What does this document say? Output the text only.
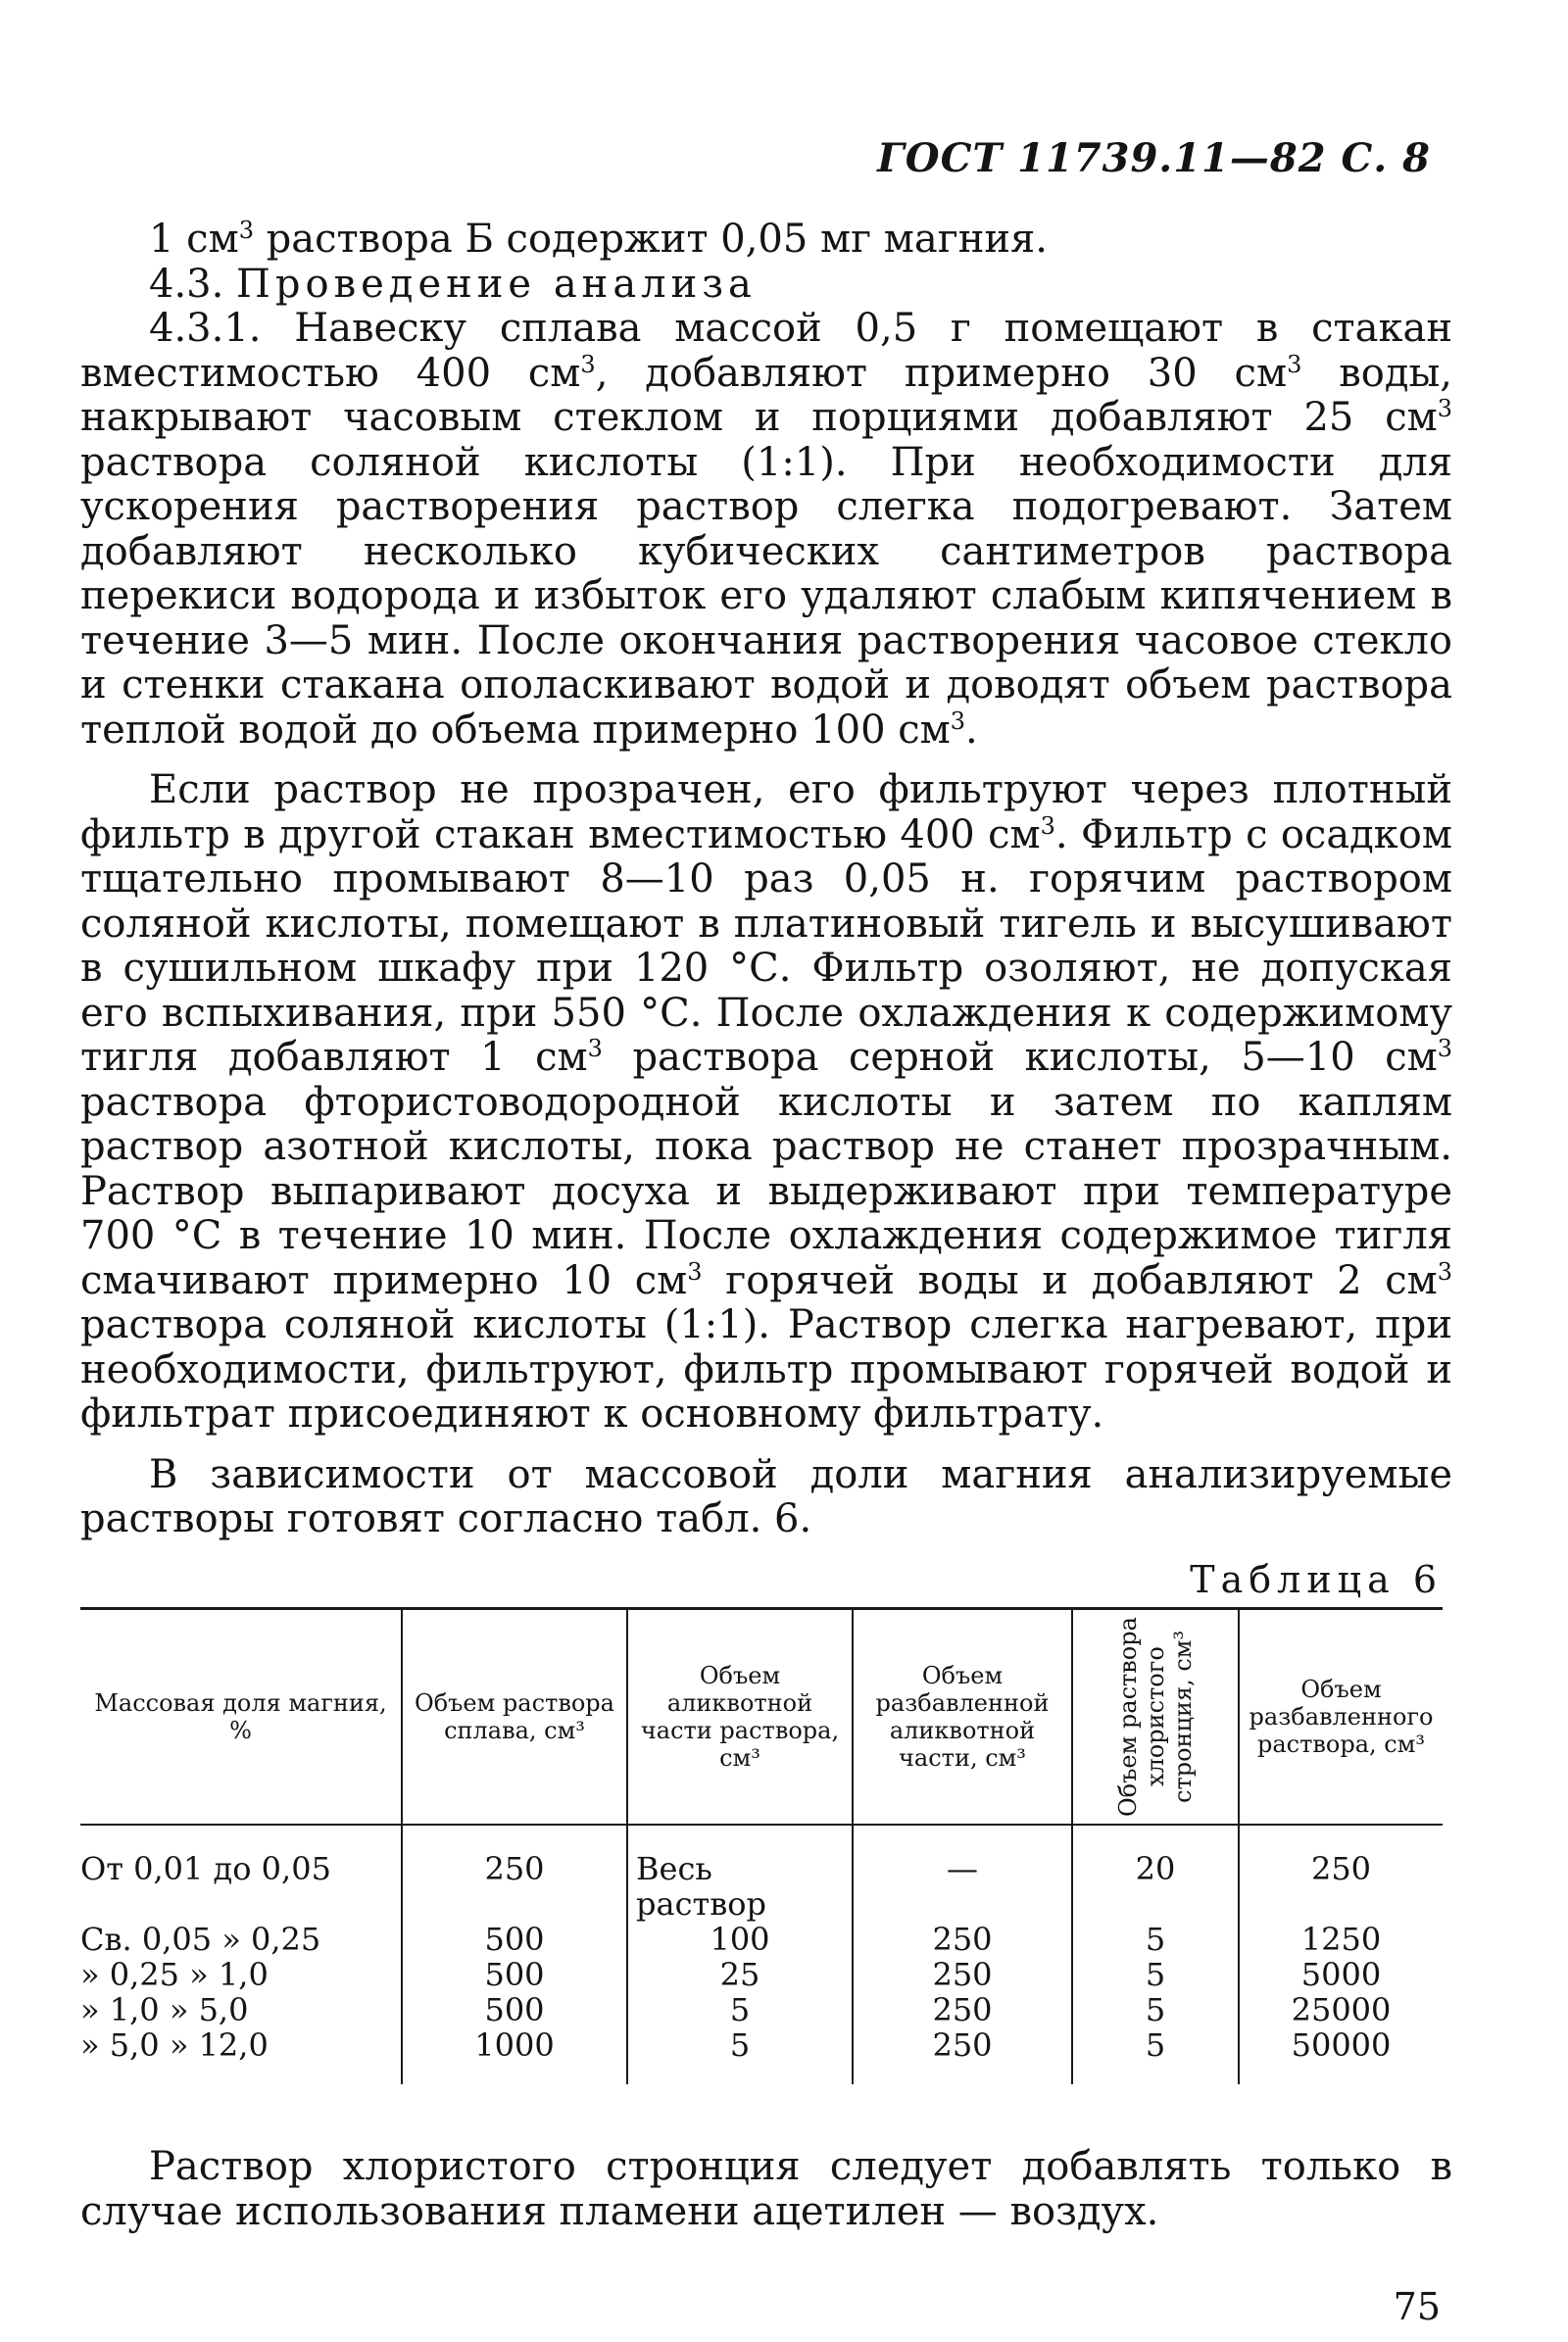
ГОСТ 11739.11—82 С. 8

1 $см^3$ раствора Б содержит 0,05 мг магния.

4.3. Проведение анализа

4.3.1. Навеску сплава массой 0,5 г помещают в стакан вместимостью 400 $см^3$, добавляют примерно 30 $см^3$ воды, накрывают часовым стеклом и порциями добавляют 25 $см^3$ раствора соляной кислоты (1:1). При необходимости для ускорения растворения раствор слегка подогревают. Затем добавляют несколько кубических сантиметров раствора перекиси водорода и избыток его удаляют слабым кипячением в течение 3—5 мин. После окончания растворения часовое стекло и стенки стакана ополаскивают водой и доводят объем раствора теплой водой до объема примерно 100 $см^3$.

Если раствор не прозрачен, его фильтруют через плотный фильтр в другой стакан вместимостью 400 $см^3$. Фильтр с осадком тщательно промывают 8—10 раз 0,05 н. горячим раствором соляной кислоты, помещают в платиновый тигель и высушивают в сушильном шкафу при 120 °С. Фильтр озоляют, не допуская его вспыхивания, при 550 °С. После охлаждения к содержимому тигля добавляют 1 $см^3$ раствора серной кислоты, 5—10 $см^3$ раствора фтористоводородной кислоты и затем по каплям раствор азотной кислоты, пока раствор не станет прозрачным. Раствор выпаривают досуха и выдерживают при температуре 700 °С в течение 10 мин. После охлаждения содержимое тигля смачивают примерно 10 $см^3$ горячей воды и добавляют 2 $см^3$ раствора соляной кислоты (1:1). Раствор слегка нагревают, при необходимости, фильтруют, фильтр промывают горячей водой и фильтрат присоединяют к основному фильтрату.

В зависимости от массовой доли магния анализируемые растворы готовят согласно табл. 6.

Таблица 6
Массовая доля магния, %	Объем раствора сплава, см³	Объем аликвотной части раствора, см³	Объем разбавленной аликвотной части, см³	Объем раствора хлористого стронция, см³	Объем разбавленного раствора, см³
От 0,01 до 0,05	250	Весь раствор	—	20	250
Св. 0,05 » 0,25	500	100	250	5	1250
» 0,25 » 1,0	500	25	250	5	5000
» 1,0 » 5,0	500	5	250	5	25000
» 5,0 » 12,0	1000	5	250	5	50000

Раствор хлористого стронция следует добавлять только в случае использования пламени ацетилен — воздух.

75
